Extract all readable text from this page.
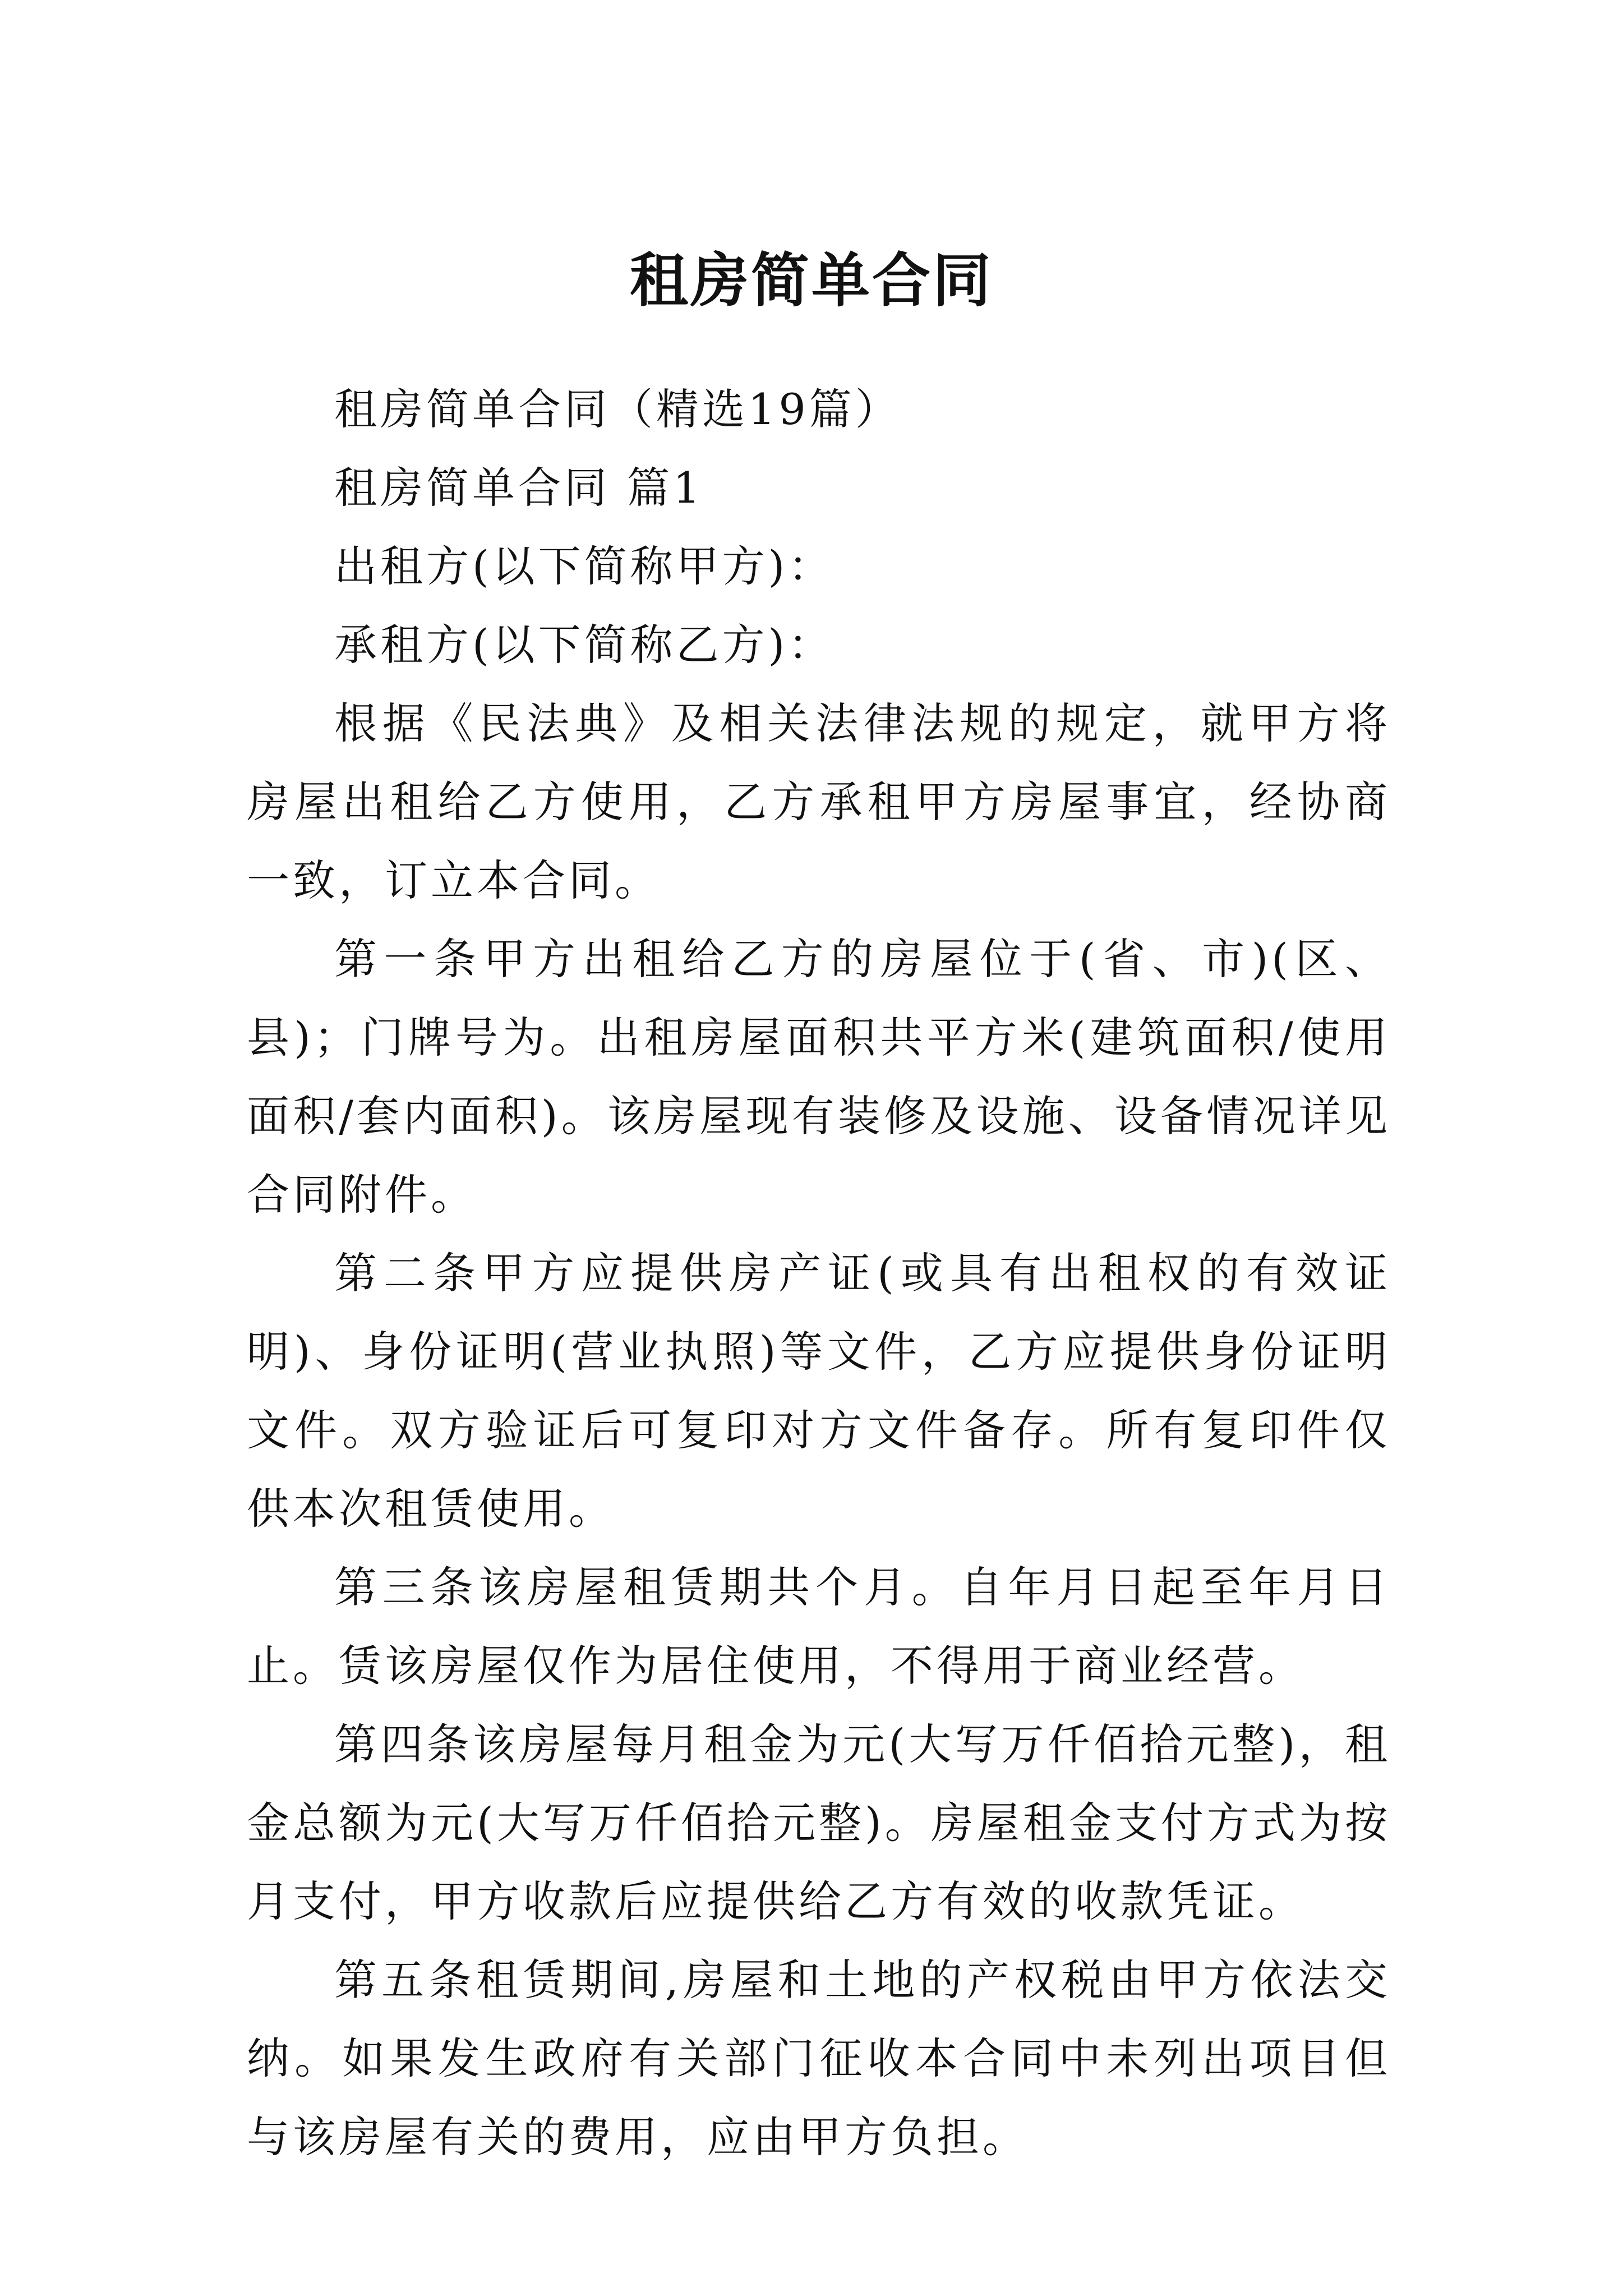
租房简单合同

租房简单合同（精选19篇）

租房简单合同 篇1

出租方(以下简称甲方)：

承租方(以下简称乙方)：

根据《民法典》及相关法律法规的规定，就甲方将房屋出租给乙方使用，乙方承租甲方房屋事宜，经协商一致，订立本合同。

第一条甲方出租给乙方的房屋位于(省、市)(区、县)；门牌号为。出租房屋面积共平方米(建筑面积/使用面积/套内面积)。该房屋现有装修及设施、设备情况详见合同附件。

第二条甲方应提供房产证(或具有出租权的有效证明)、身份证明(营业执照)等文件，乙方应提供身份证明文件。双方验证后可复印对方文件备存。所有复印件仅供本次租赁使用。

第三条该房屋租赁期共个月。自年月日起至年月日止。赁该房屋仅作为居住使用，不得用于商业经营。

第四条该房屋每月租金为元(大写万仟佰拾元整)，租金总额为元(大写万仟佰拾元整)。房屋租金支付方式为按月支付，甲方收款后应提供给乙方有效的收款凭证。

第五条租赁期间,房屋和土地的产权税由甲方依法交纳。如果发生政府有关部门征收本合同中未列出项目但与该房屋有关的费用，应由甲方负担。
